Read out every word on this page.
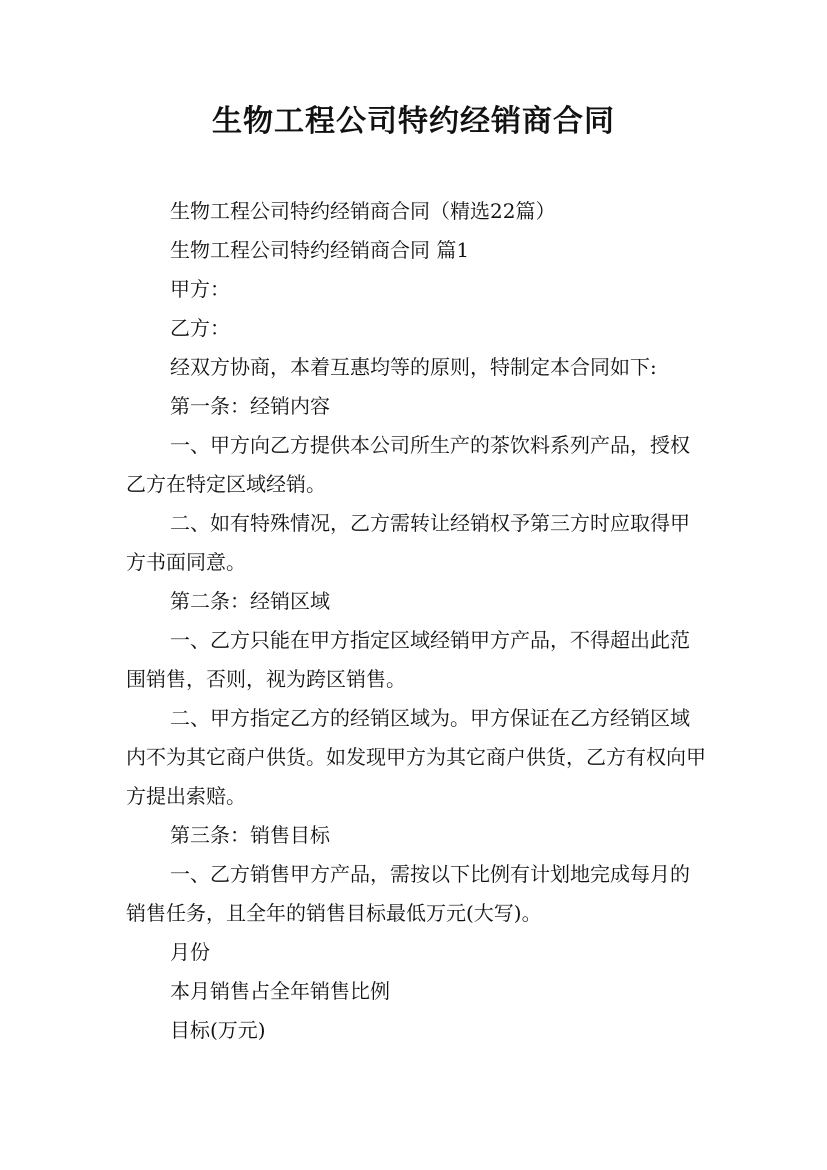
生物工程公司特约经销商合同

生物工程公司特约经销商合同（精选22篇）

生物工程公司特约经销商合同 篇1

甲方：

乙方：

经双方协商，本着互惠均等的原则，特制定本合同如下:

第一条：经销内容

一、甲方向乙方提供本公司所生产的茶饮料系列产品，授权乙方在特定区域经销。

二、如有特殊情况，乙方需转让经销权予第三方时应取得甲方书面同意。

第二条：经销区域

一、乙方只能在甲方指定区域经销甲方产品，不得超出此范围销售，否则，视为跨区销售。

二、甲方指定乙方的经销区域为。甲方保证在乙方经销区域内不为其它商户供货。如发现甲方为其它商户供货，乙方有权向甲方提出索赔。

第三条：销售目标

一、乙方销售甲方产品，需按以下比例有计划地完成每月的销售任务，且全年的销售目标最低万元(大写)。

月份

本月销售占全年销售比例

目标(万元)
